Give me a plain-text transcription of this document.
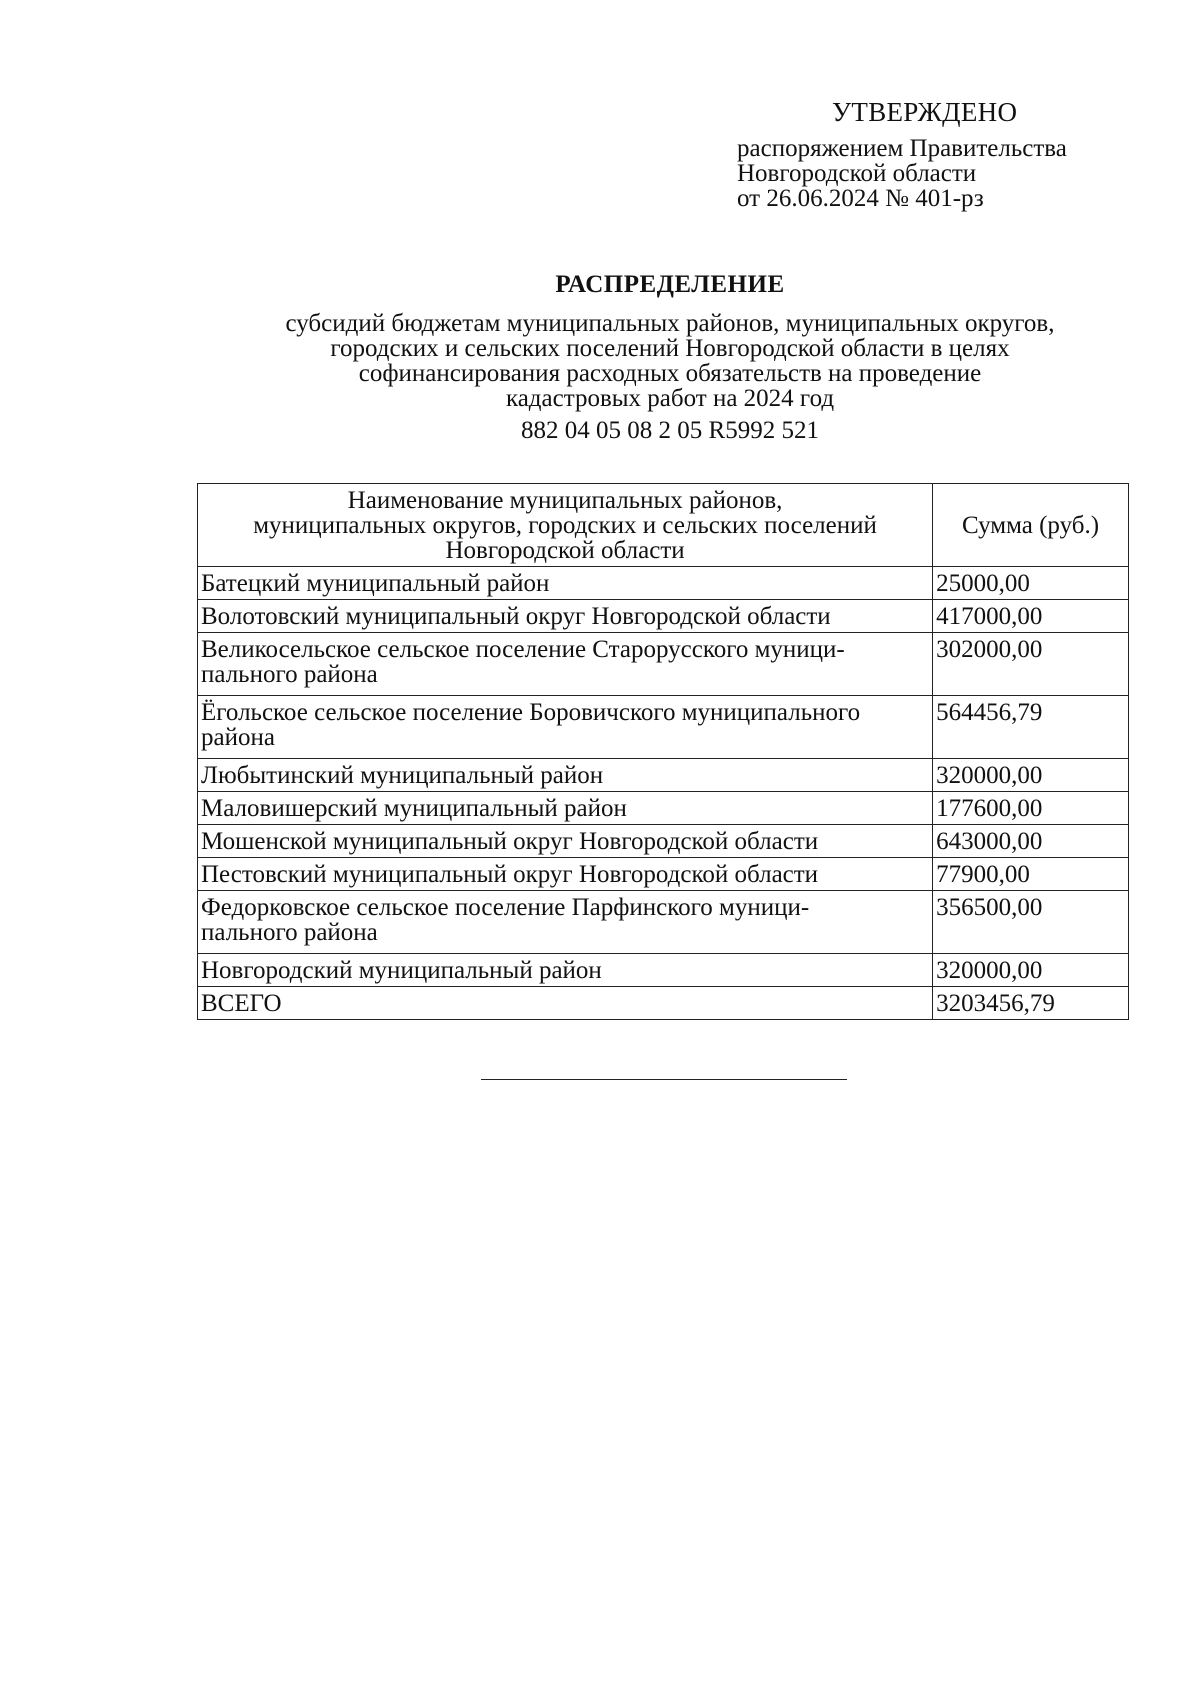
УТВЕРЖДЕНО
распоряжением Правительства
Новгородской области
от 26.06.2024 № 401-рз
РАСПРЕДЕЛЕНИЕ
субсидий бюджетам муниципальных районов, муниципальных округов,
городских и сельских поселений Новгородской области в целях
софинансирования расходных обязательств на проведение
кадастровых работ на 2024 год
882 04 05 08 2 05 R5992 521
Наименование муниципальных районов,
муниципальных округов, городских и сельских поселений
Новгородской области	Сумма (руб.)

Батецкий муниципальный район	25000,00

Волотовский муниципальный округ Новгородской области	417000,00

Великосельское сельское поселение Старорусского муници-
пального района	302000,00

Ёгольское сельское поселение Боровичского муниципального
района	564456,79

Любытинский муниципальный район	320000,00

Маловишерский муниципальный район	177600,00

Мошенской муниципальный округ Новгородской области	643000,00

Пестовский муниципальный округ Новгородской области	77900,00

Федорковское сельское поселение Парфинского муници-
пального района	356500,00

Новгородский муниципальный район	320000,00
ВСЕГО	3203456,79
